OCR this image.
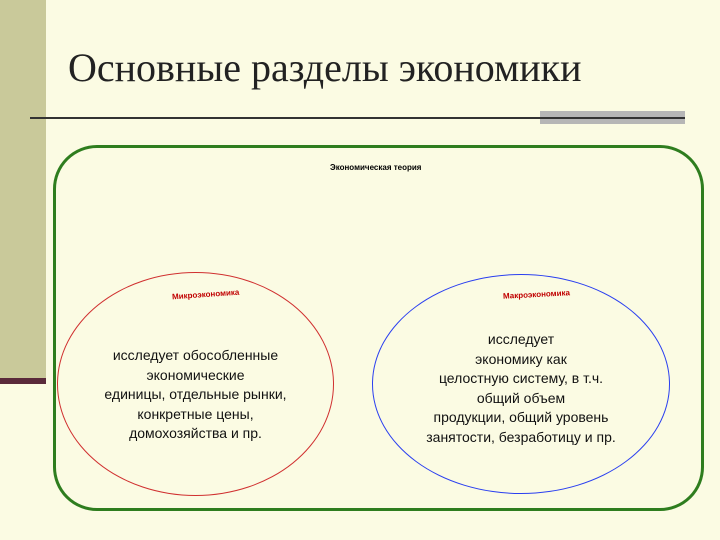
Основные разделы экономики
Экономическая теория
Микроэкономика	Макроэкономика
исследует обособленные
экономические
единицы, отдельные рынки,
конкретные цены,
домохозяйства и пр.
исследует
экономику как
целостную систему, в т.ч.
общий объем
продукции, общий уровень
занятости, безработицу и пр.
